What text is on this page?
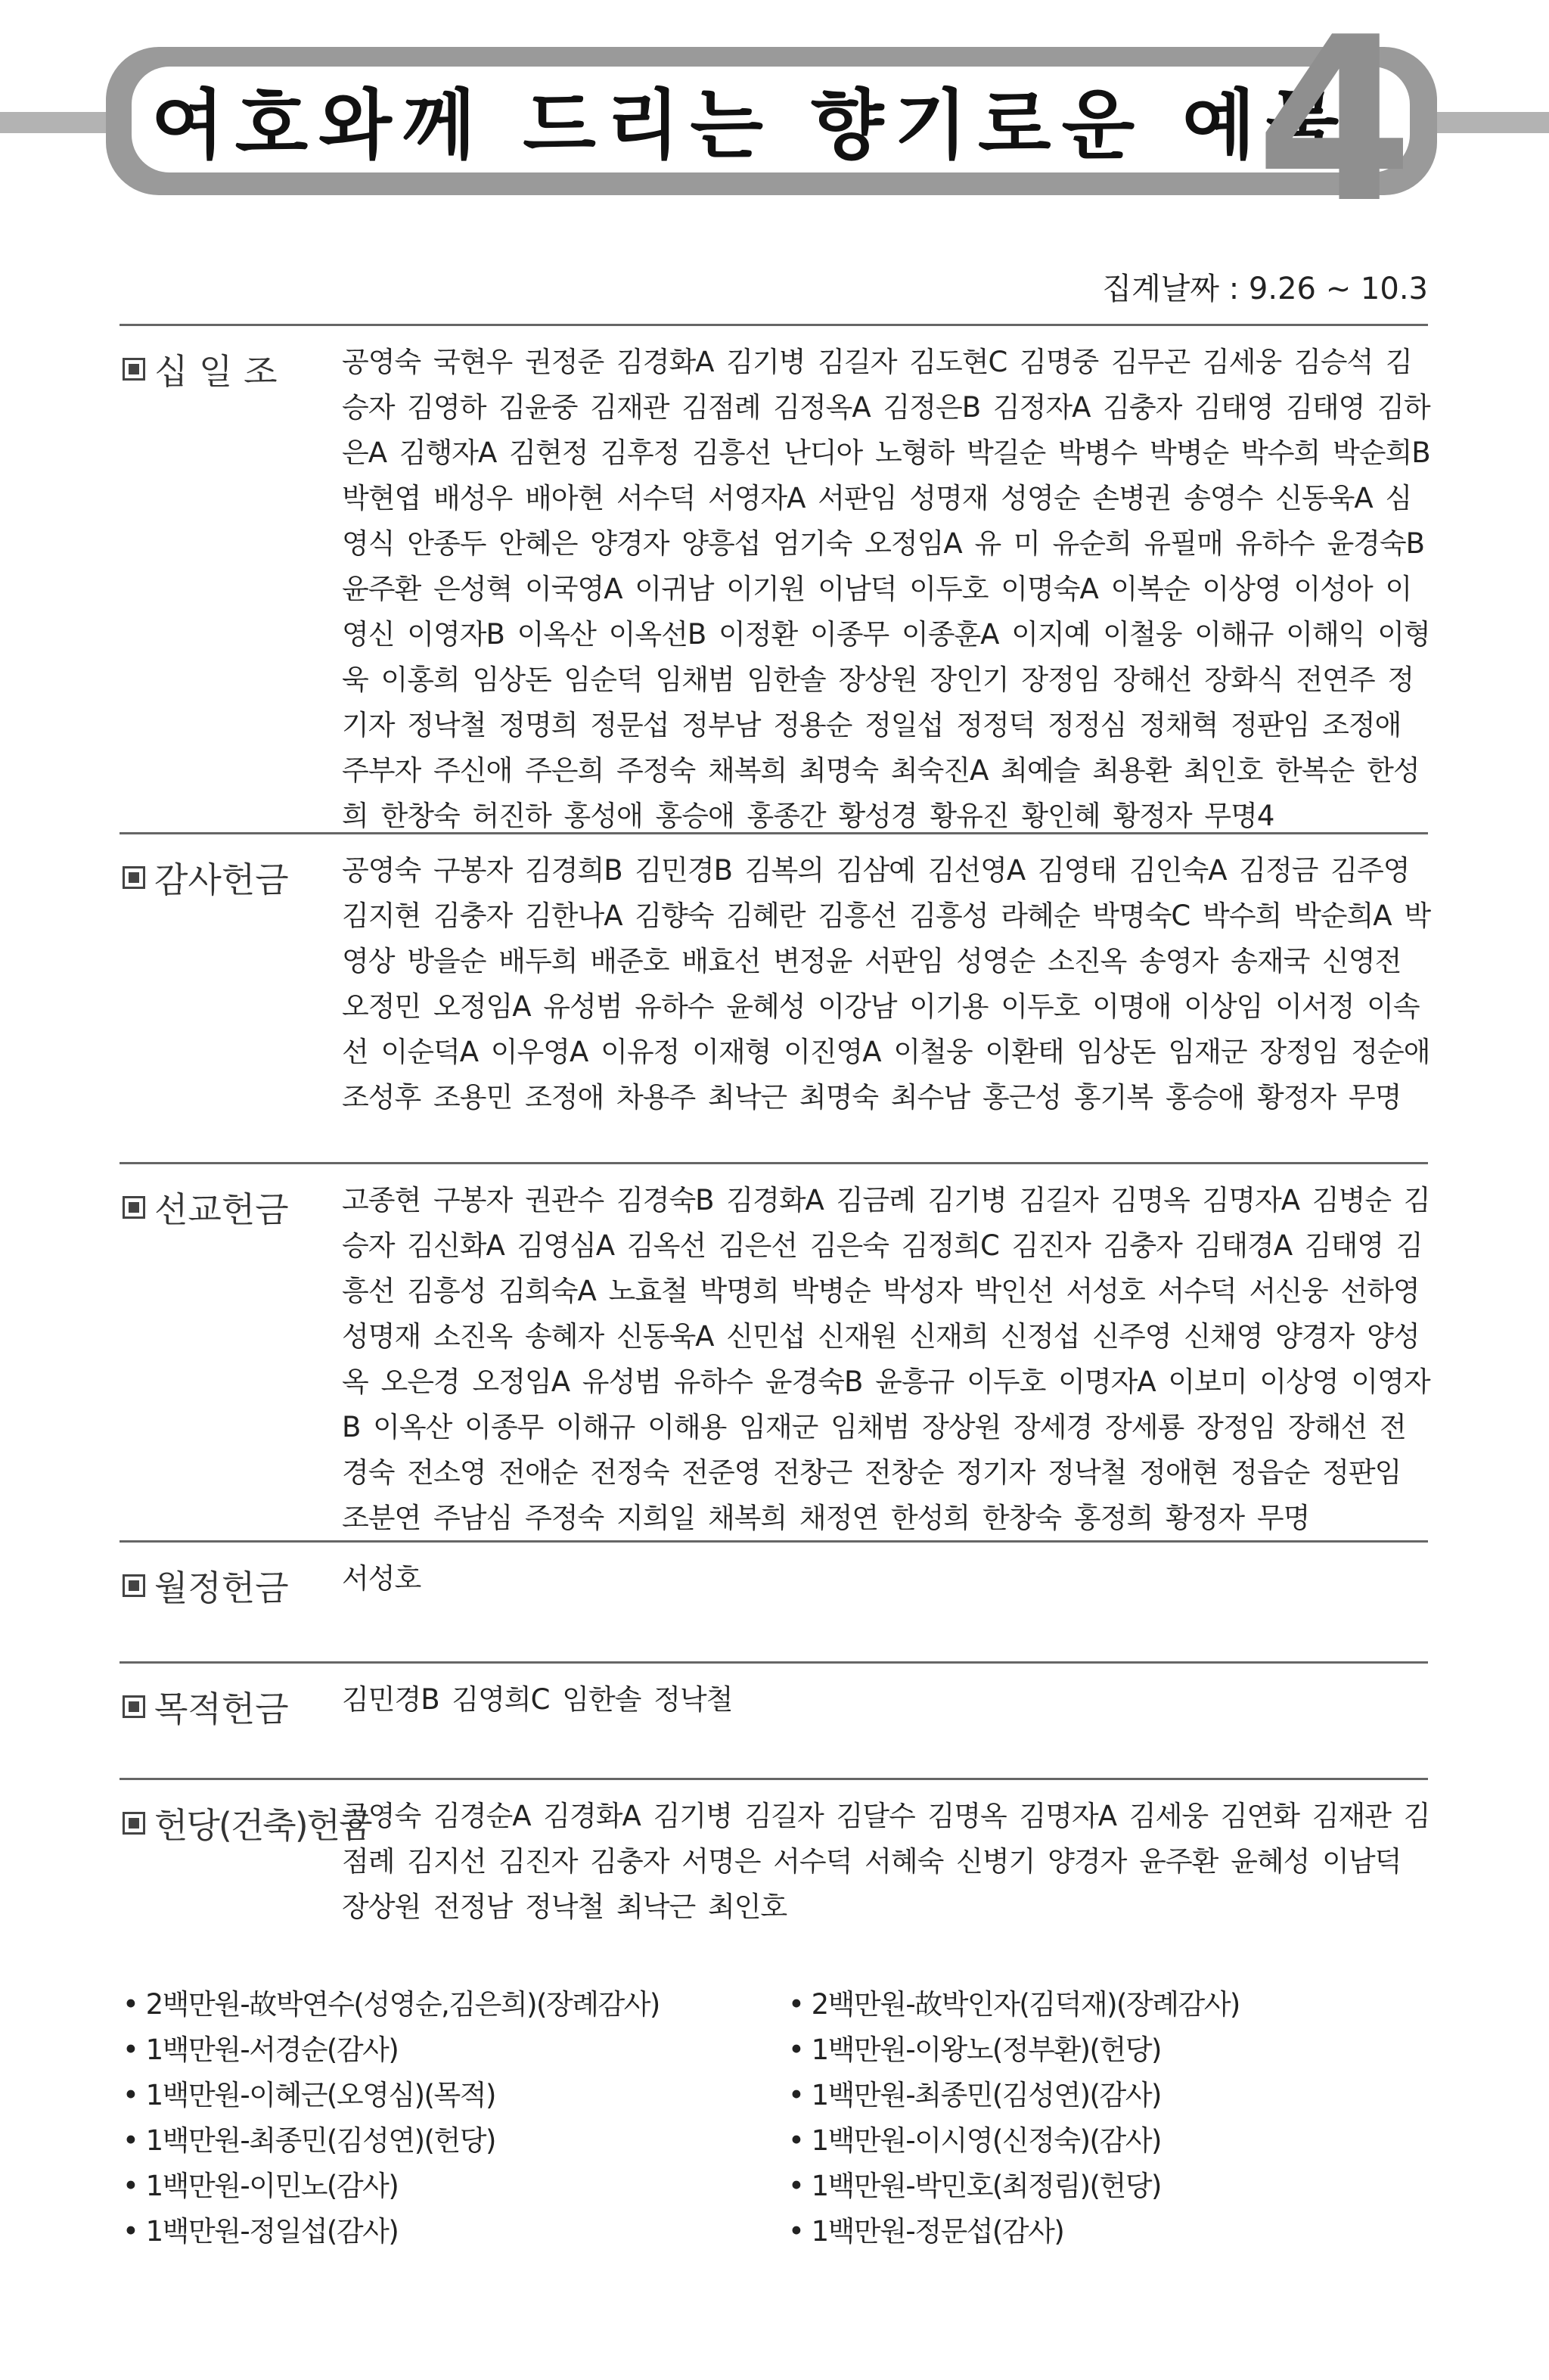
여호와께 드리는 향기로운 예물
4
집계날짜 : 9.26 ~ 10.3
십 일 조 공영숙 국현우 권정준 김경화A 김기병 김길자 김도현C 김명중 김무곤 김세웅 김승석 김승자 김영하 김윤중 김재관 김점례 김정옥A 김정은B 김정자A 김충자 김태영 김태영 김하은A 김행자A 김현정 김후정 김흥선 난디아 노형하 박길순 박병수 박병순 박수희 박순희B 박현엽 배성우 배아현 서수덕 서영자A 서판임 성명재 성영순 손병권 송영수 신동욱A 심영식 안종두 안혜은 양경자 양흥섭 엄기숙 오정임A 유 미 유순희 유필매 유하수 윤경숙B 윤주환 은성혁 이국영A 이귀남 이기원 이남덕 이두호 이명숙A 이복순 이상영 이성아 이영신 이영자B 이옥산 이옥선B 이정환 이종무 이종훈A 이지예 이철웅 이해규 이해익 이형욱 이홍희 임상돈 임순덕 임채범 임한솔 장상원 장인기 장정임 장해선 장화식 전연주 정기자 정낙철 정명희 정문섭 정부남 정용순 정일섭 정정덕 정정심 정채혁 정판임 조정애 주부자 주신애 주은희 주정숙 채복희 최명숙 최숙진A 최예슬 최용환 최인호 한복순 한성희 한창숙 허진하 홍성애 홍승애 홍종간 황성경 황유진 황인혜 황정자 무명4
감사헌금 공영숙 구봉자 김경희B 김민경B 김복의 김삼예 김선영A 김영태 김인숙A 김정금 김주영 김지현 김충자 김한나A 김향숙 김혜란 김흥선 김흥성 라혜순 박명숙C 박수희 박순희A 박영상 방을순 배두희 배준호 배효선 변정윤 서판임 성영순 소진옥 송영자 송재국 신영전 오정민 오정임A 유성범 유하수 윤혜성 이강남 이기용 이두호 이명애 이상임 이서정 이속선 이순덕A 이우영A 이유정 이재형 이진영A 이철웅 이환태 임상돈 임재군 장정임 정순애 조성후 조용민 조정애 차용주 최낙근 최명숙 최수남 홍근성 홍기복 홍승애 황정자 무명
선교헌금 고종현 구봉자 권관수 김경숙B 김경화A 김금례 김기병 김길자 김명옥 김명자A 김병순 김승자 김신화A 김영심A 김옥선 김은선 김은숙 김정희C 김진자 김충자 김태경A 김태영 김흥선 김흥성 김희숙A 노효철 박명희 박병순 박성자 박인선 서성호 서수덕 서신웅 선하영 성명재 소진옥 송혜자 신동욱A 신민섭 신재원 신재희 신정섭 신주영 신채영 양경자 양성옥 오은경 오정임A 유성범 유하수 윤경숙B 윤흥규 이두호 이명자A 이보미 이상영 이영자B 이옥산 이종무 이해규 이해용 임재군 임채범 장상원 장세경 장세룡 장정임 장해선 전경숙 전소영 전애순 전정숙 전준영 전창근 전창순 정기자 정낙철 정애현 정읍순 정판임 조분연 주남심 주정숙 지희일 채복희 채정연 한성희 한창숙 홍정희 황정자 무명
월정헌금 서성호
목적헌금 김민경B 김영희C 임한솔 정낙철
헌당(건축)헌금
공영숙 김경순A 김경화A 김기병 김길자 김달수 김명옥 김명자A 김세웅 김연화 김재관 김점례 김지선 김진자 김충자 서명은 서수덕 서혜숙 신병기 양경자 윤주환 윤혜성 이남덕 장상원 전정남 정낙철 최낙근 최인호
• 2백만원-故박연수(성영순,김은희)(장례감사)
• 1백만원-서경순(감사)
• 1백만원-이혜근(오영심)(목적)
• 1백만원-최종민(김성연)(헌당)
• 1백만원-이민노(감사)
• 1백만원-정일섭(감사)
• 2백만원-故박인자(김덕재)(장례감사)
• 1백만원-이왕노(정부환)(헌당)
• 1백만원-최종민(김성연)(감사)
• 1백만원-이시영(신정숙)(감사)
• 1백만원-박민호(최정림)(헌당)
• 1백만원-정문섭(감사)
